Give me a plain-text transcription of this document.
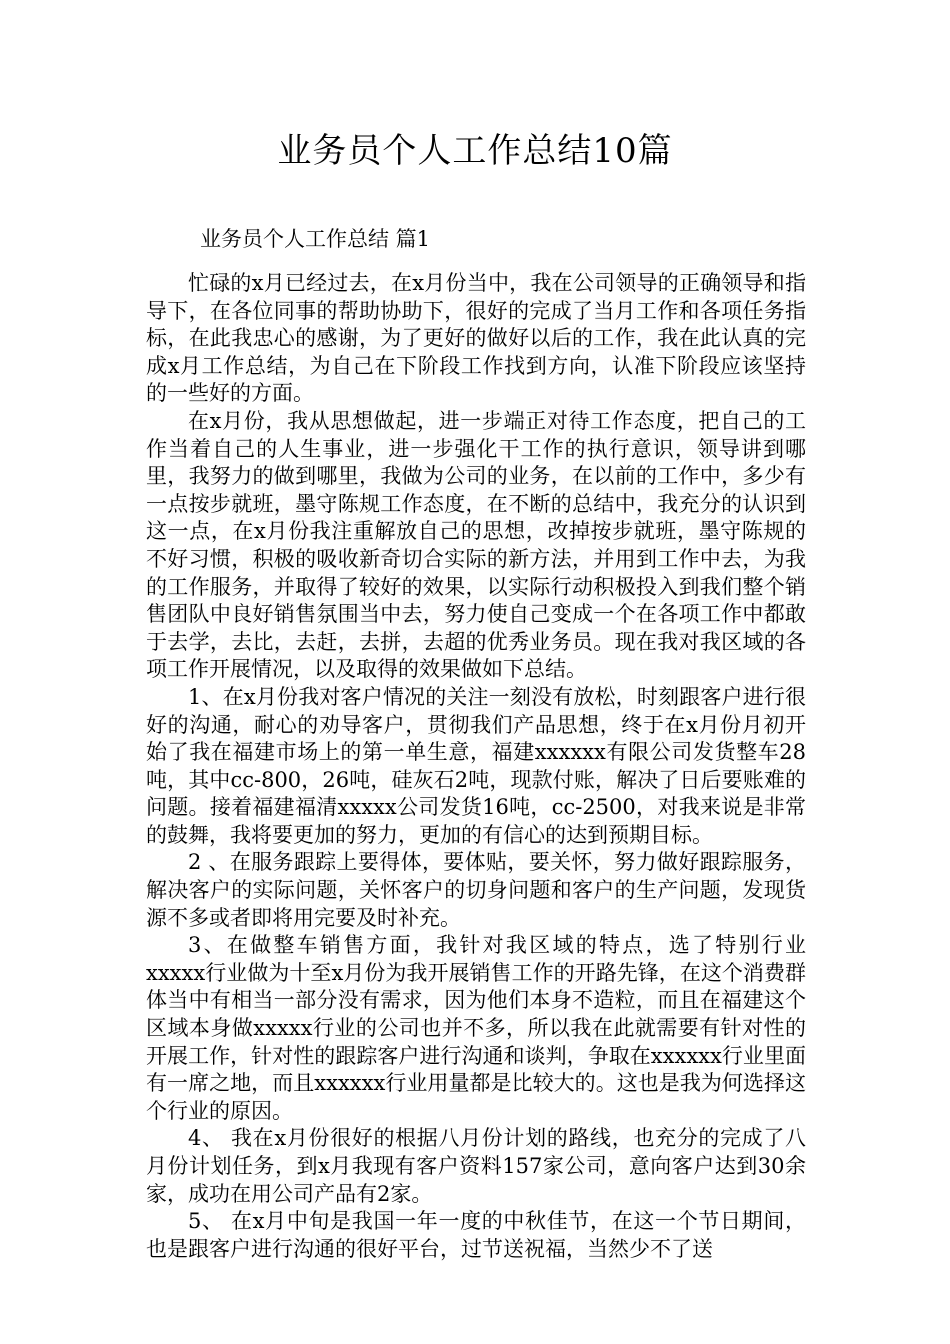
业务员个人工作总结10篇
业务员个人工作总结 篇1

忙碌的x月已经过去，在x月份当中，我在公司领导的正确领导和指导下，在各位同事的帮助协助下，很好的完成了当月工作和各项任务指标，在此我忠心的感谢，为了更好的做好以后的工作，我在此认真的完成x月工作总结，为自己在下阶段工作找到方向，认准下阶段应该坚持的一些好的方面。

在x月份，我从思想做起，进一步端正对待工作态度，把自己的工作当着自己的人生事业，进一步强化干工作的执行意识，领导讲到哪里，我努力的做到哪里，我做为公司的业务，在以前的工作中，多少有一点按步就班，墨守陈规工作态度，在不断的总结中，我充分的认识到这一点，在x月份我注重解放自己的思想，改掉按步就班，墨守陈规的不好习惯，积极的吸收新奇切合实际的新方法，并用到工作中去，为我的工作服务，并取得了较好的效果，以实际行动积极投入到我们整个销售团队中良好销售氛围当中去，努力使自己变成一个在各项工作中都敢于去学，去比，去赶，去拼，去超的优秀业务员。现在我对我区域的各项工作开展情况，以及取得的效果做如下总结。

1、在x月份我对客户情况的关注一刻没有放松，时刻跟客户进行很好的沟通，耐心的劝导客户，贯彻我们产品思想，终于在x月份月初开始了我在福建市场上的第一单生意，福建xxxxxx有限公司发货整车28吨，其中cc-800，26吨，硅灰石2吨，现款付账，解决了日后要账难的问题。接着福建福清xxxxx公司发货16吨，cc-2500，对我来说是非常的鼓舞，我将要更加的努力，更加的有信心的达到预期目标。

2 、在服务跟踪上要得体，要体贴，要关怀，努力做好跟踪服务，解决客户的实际问题，关怀客户的切身问题和客户的生产问题，发现货源不多或者即将用完要及时补充。

3、在做整车销售方面，我针对我区域的特点，选了特别行业xxxxx行业做为十至x月份为我开展销售工作的开路先锋，在这个消费群体当中有相当一部分没有需求，因为他们本身不造粒，而且在福建这个区域本身做xxxxx行业的公司也并不多，所以我在此就需要有针对性的开展工作，针对性的跟踪客户进行沟通和谈判，争取在xxxxxx行业里面有一席之地，而且xxxxxx行业用量都是比较大的。这也是我为何选择这个行业的原因。

4、 我在x月份很好的根据八月份计划的路线，也充分的完成了八月份计划任务，到x月我现有客户资料157家公司，意向客户达到30余家，成功在用公司产品有2家。

5、 在x月中旬是我国一年一度的中秋佳节，在这一个节日期间， 也是跟客户进行沟通的很好平台，过节送祝福，当然少不了送
